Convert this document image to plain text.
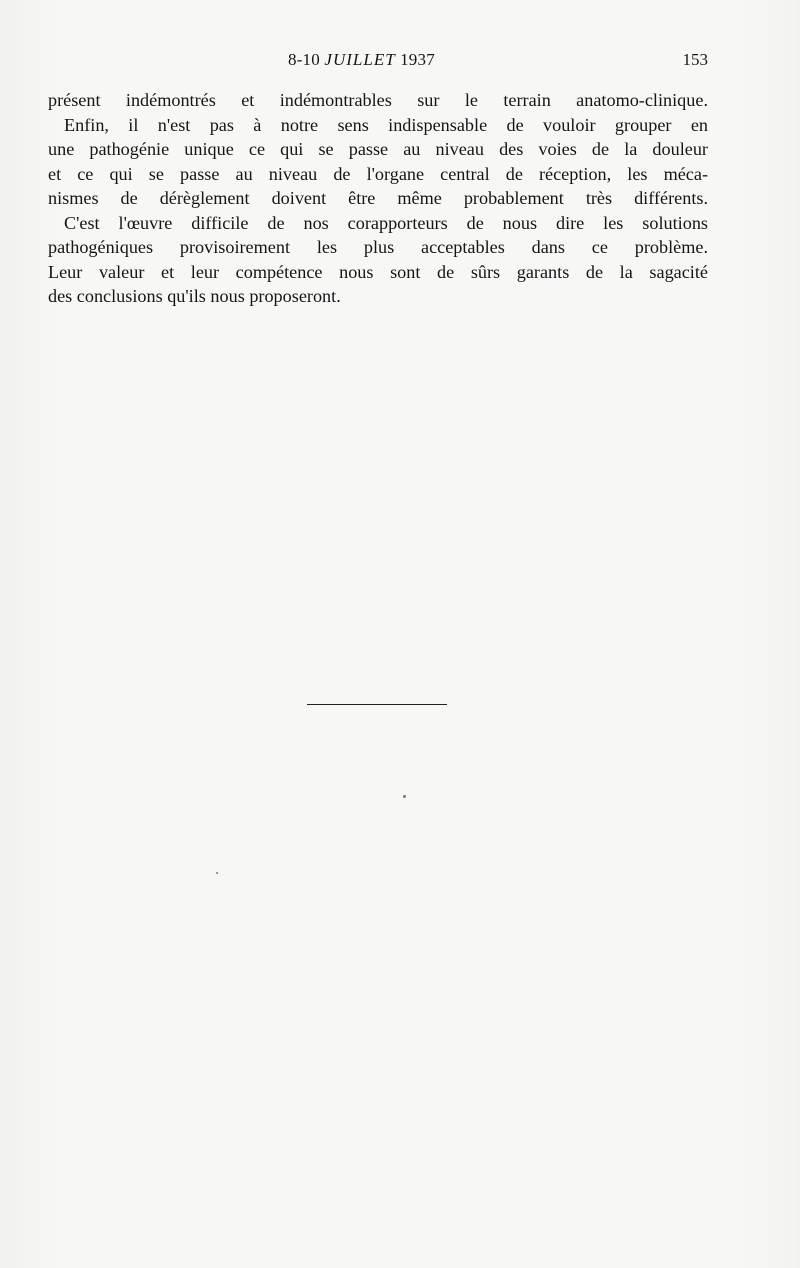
8-10 JUILLET 1937	153
présent indémontrés et indémontrables sur le terrain anatomo-clinique.
Enfin, il n'est pas à notre sens indispensable de vouloir grouper en
une pathogénie unique ce qui se passe au niveau des voies de la douleur
et ce qui se passe au niveau de l'organe central de réception, les méca-
nismes de dérèglement doivent être même probablement très différents.
C'est l'œuvre difficile de nos corapporteurs de nous dire les solutions
pathogéniques provisoirement les plus acceptables dans ce problème.
Leur valeur et leur compétence nous sont de sûrs garants de la sagacité
des conclusions qu'ils nous proposeront.
